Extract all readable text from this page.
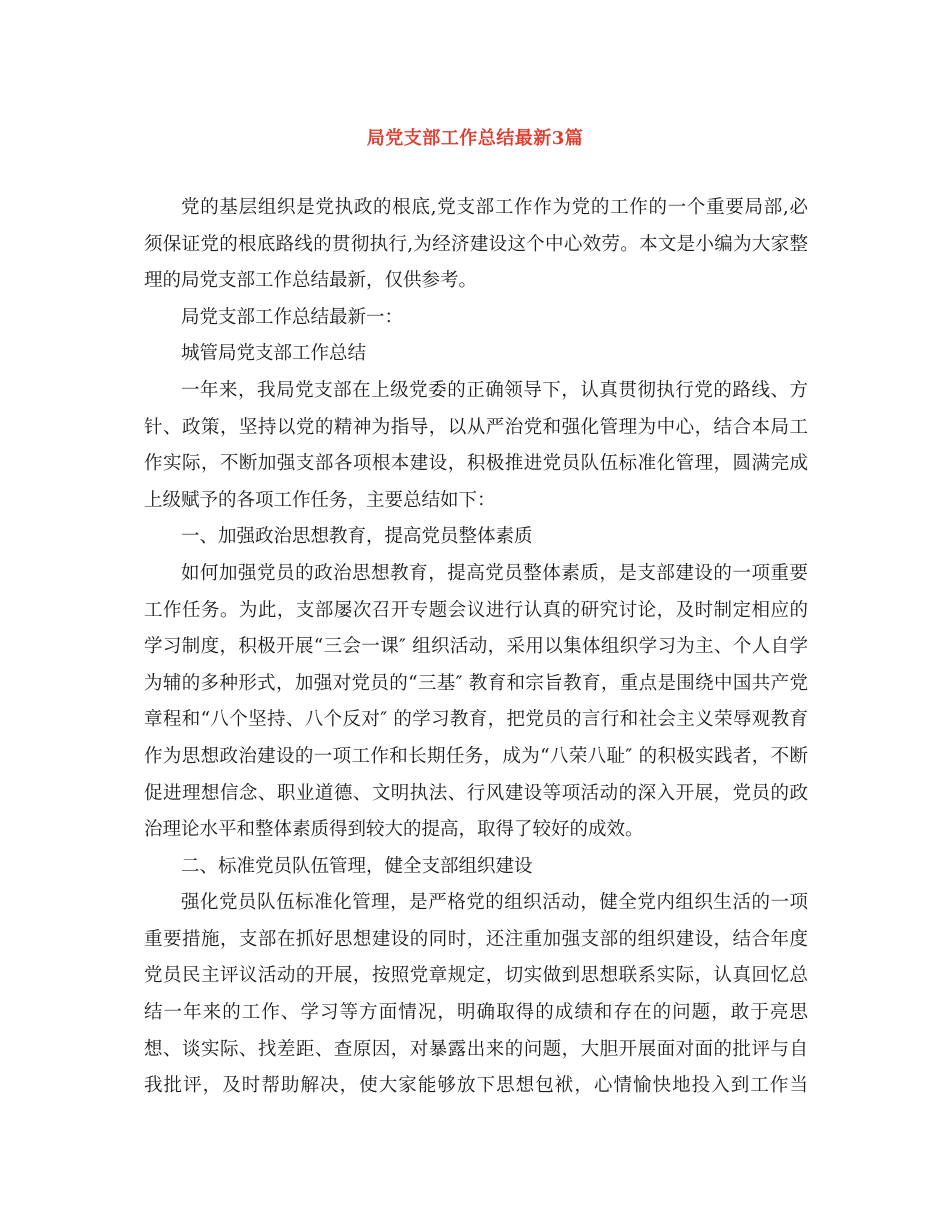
局党支部工作总结最新3篇
党的基层组织是党执政的根底,党支部工作作为党的工作的一个重要局部,必
须保证党的根底路线的贯彻执行,为经济建设这个中心效劳。本文是小编为大家整
理的局党支部工作总结最新，仅供参考。
局党支部工作总结最新一：
城管局党支部工作总结
一年来，我局党支部在上级党委的正确领导下，认真贯彻执行党的路线、方
针、政策，坚持以党的精神为指导，以从严治党和强化管理为中心，结合本局工
作实际，不断加强支部各项根本建设，积极推进党员队伍标准化管理，圆满完成
上级赋予的各项工作任务，主要总结如下：
一、加强政治思想教育，提高党员整体素质
如何加强党员的政治思想教育，提高党员整体素质，是支部建设的一项重要
工作任务。为此，支部屡次召开专题会议进行认真的研究讨论，及时制定相应的
学习制度，积极开展“三会一课″ 组织活动，采用以集体组织学习为主、个人自学
为辅的多种形式，加强对党员的“三基″ 教育和宗旨教育，重点是围绕中国共产党
章程和“八个坚持、八个反对″ 的学习教育，把党员的言行和社会主义荣辱观教育
作为思想政治建设的一项工作和长期任务，成为“八荣八耻″ 的积极实践者，不断
促进理想信念、职业道德、文明执法、行风建设等项活动的深入开展，党员的政
治理论水平和整体素质得到较大的提高，取得了较好的成效。
二、标准党员队伍管理，健全支部组织建设
强化党员队伍标准化管理，是严格党的组织活动，健全党内组织生活的一项
重要措施，支部在抓好思想建设的同时，还注重加强支部的组织建设，结合年度
党员民主评议活动的开展，按照党章规定，切实做到思想联系实际，认真回忆总
结一年来的工作、学习等方面情况，明确取得的成绩和存在的问题，敢于亮思
想、谈实际、找差距、查原因，对暴露出来的问题，大胆开展面对面的批评与自
我批评，及时帮助解决，使大家能够放下思想包袱，心情愉快地投入到工作当
